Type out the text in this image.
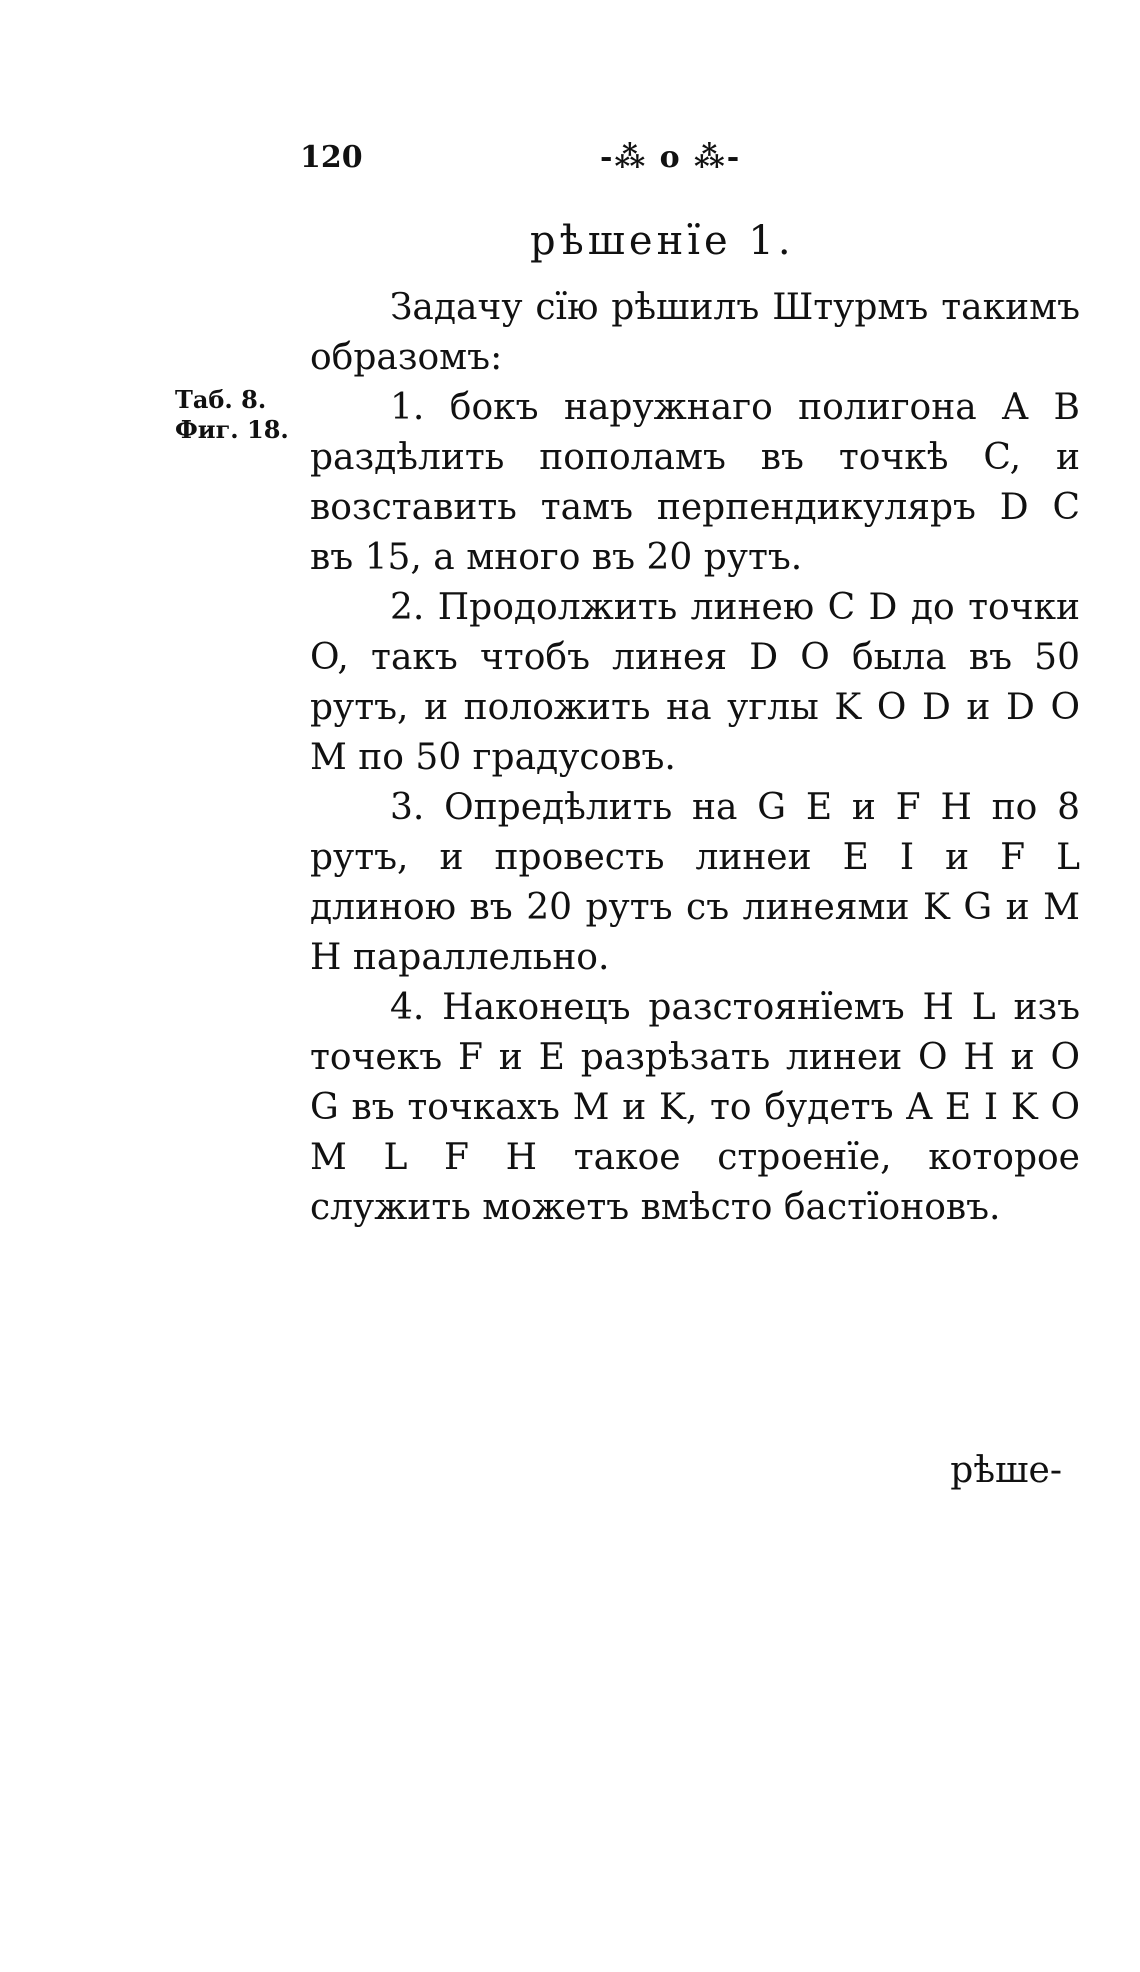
120	-⁂ o ⁂-
рѣшенїе 1.
Таб. 8.
Фиг. 18.

Задачу сїю рѣшилъ Штурмъ такимъ образомъ:

1. бокъ наружнаго полигона A B раздѣлить пополамъ въ точкѣ C, и возставить тамъ перпендикуляръ D C въ 15, а много въ 20 рутъ.

2. Продолжить линею C D до точки O, такъ чтобъ линея D O была въ 50 рутъ, и положить на углы K O D и D O M по 50 градусовъ.

3. Опредѣлить на G E и F H по 8 рутъ, и провесть линеи E I и F L длиною въ 20 рутъ съ линеями K G и M H параллельно.

4. Наконецъ разстоянїемъ H L изъ точекъ F и E разрѣзать линеи O H и O G въ точкахъ M и K, то будетъ A E I K O M L F H такое строенїе, которое служить можетъ вмѣсто бастїоновъ.

рѣше-
